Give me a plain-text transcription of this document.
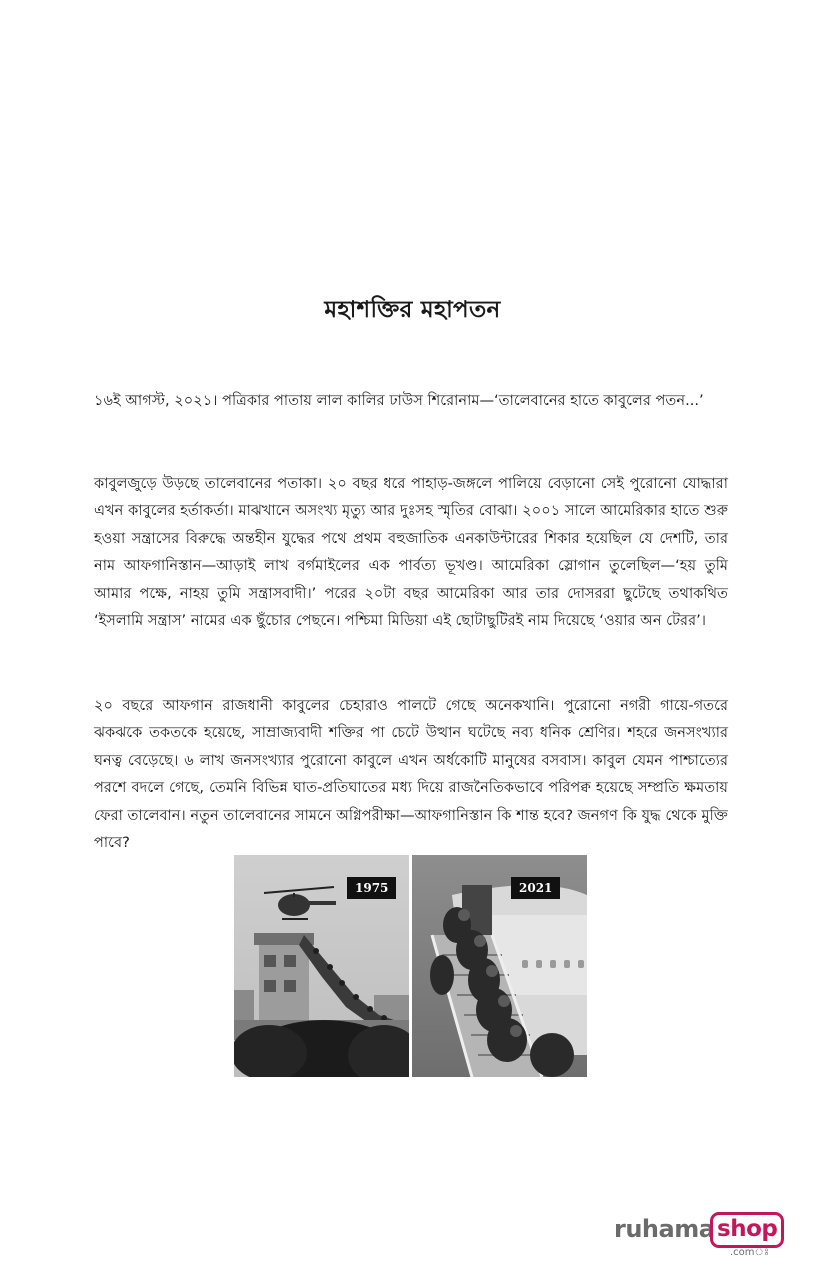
মহাশক্তির মহাপতন

১৬ই আগস্ট, ২০২১। পত্রিকার পাতায় লাল কালির ঢাউস শিরোনাম—‘তালেবানের হাতে কাবুলের পতন...’

কাবুলজুড়ে উড়ছে তালেবানের পতাকা। ২০ বছর ধরে পাহাড়-জঙ্গলে পালিয়ে বেড়ানো সেই পুরোনো যোদ্ধারা এখন কাবুলের হর্তাকর্তা। মাঝখানে অসংখ্য মৃত্যু আর দুঃসহ স্মৃতির বোঝা। ২০০১ সালে আমেরিকার হাতে শুরু হওয়া সন্ত্রাসের বিরুদ্ধে অন্তহীন যুদ্ধের পথে প্রথম বহুজাতিক এনকাউন্টারের শিকার হয়েছিল যে দেশটি, তার নাম আফগানিস্তান—আড়াই লাখ বর্গমাইলের এক পার্বত্য ভূখণ্ড। আমেরিকা স্লোগান তুলেছিল—‘হয় তুমি আমার পক্ষে, নাহয় তুমি সন্ত্রাসবাদী।’ পরের ২০টা বছর আমেরিকা আর তার দোসররা ছুটেছে তথাকথিত ‘ইসলামি সন্ত্রাস’ নামের এক ছুঁচোর পেছনে। পশ্চিমা মিডিয়া এই ছোটাছুটিরই নাম দিয়েছে ‘ওয়ার অন টেরর’।

২০ বছরে আফগান রাজধানী কাবুলের চেহারাও পালটে গেছে অনেকখানি। পুরোনো নগরী গায়ে-গতরে ঝকঝকে তকতকে হয়েছে, সাম্রাজ্যবাদী শক্তির পা চেটে উত্থান ঘটেছে নব্য ধনিক শ্রেণির। শহরে জনসংখ্যার ঘনত্ব বেড়েছে। ৬ লাখ জনসংখ্যার পুরোনো কাবুলে এখন অর্ধকোটি মানুষের বসবাস। কাবুল যেমন পাশ্চাত্যের পরশে বদলে গেছে, তেমনি বিভিন্ন ঘাত-প্রতিঘাতের মধ্য দিয়ে রাজনৈতিকভাবে পরিপক্ব হয়েছে সম্প্রতি ক্ষমতায় ফেরা তালেবান। নতুন তালেবানের সামনে অগ্নিপরীক্ষা—আফগানিস্তান কি শান্ত হবে? জনগণ কি যুদ্ধ থেকে মুক্তি পাবে?

1975	2021
ruhama shop
.comঃ
